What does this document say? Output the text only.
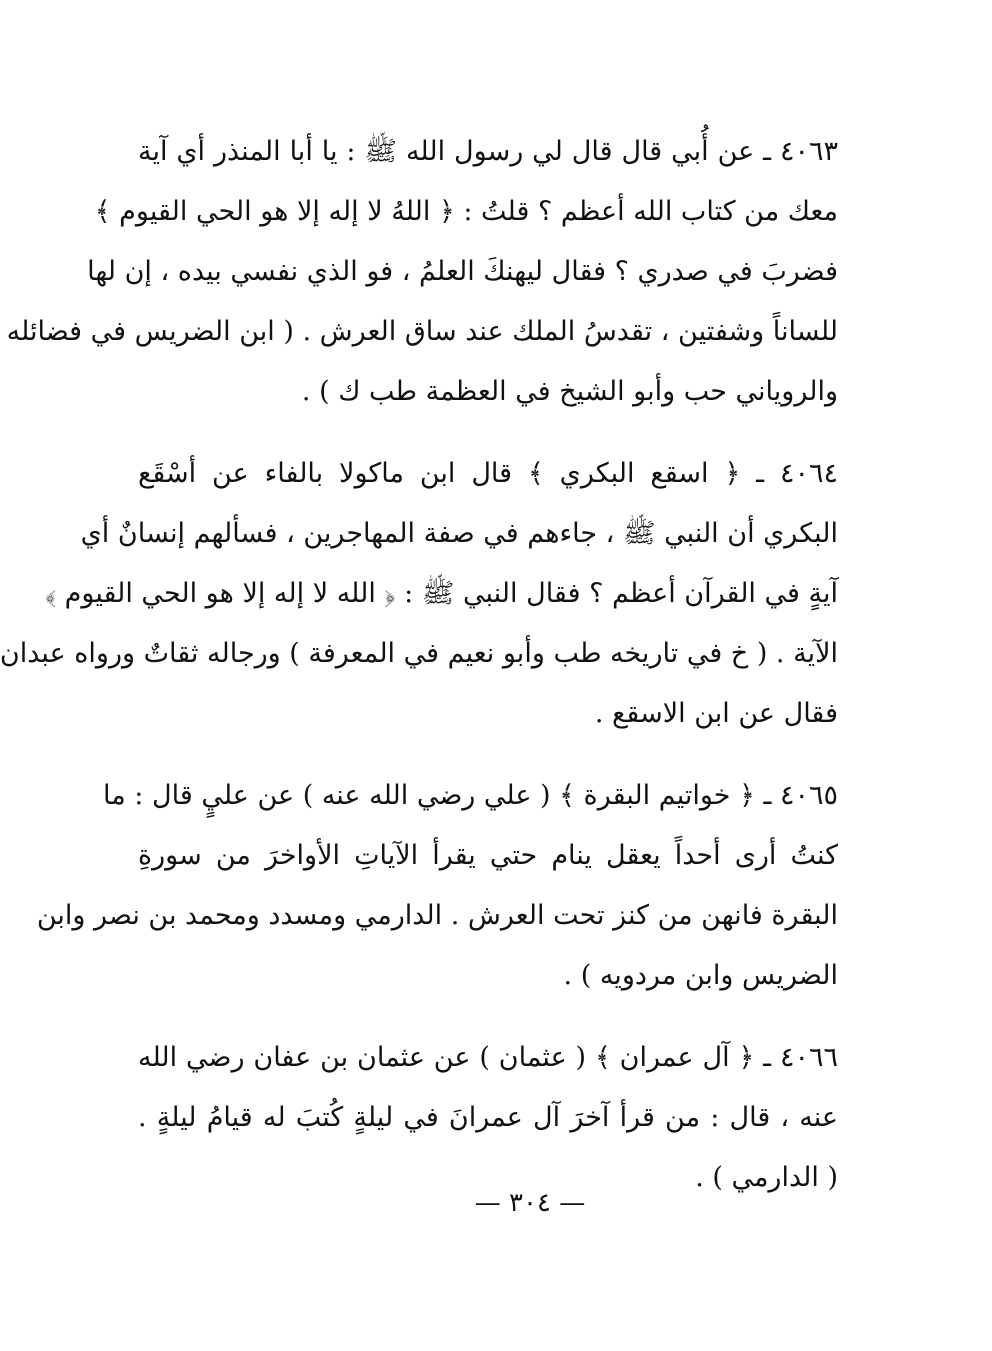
٤٠٦٣ ـ عن أُبي قال قال لي رسول الله ﷺ : يا أبا المنذر أي آية
معك من كتاب الله أعظم ؟ قلتُ : ﴿ اللهُ لا إله إلا هو الحي القيوم ﴾
فضربَ في صدري ؟ فقال ليهنكَ العلمُ ، فو الذي نفسي بيده ، إن لها
للساناً وشفتين ، تقدسُ الملك عند ساق العرش . ( ابن الضريس في فضائله
والروياني حب وأبو الشيخ في العظمة طب ك ) .
٤٠٦٤ ـ ﴿ اسقع البكري ﴾ قال ابن ماكولا بالفاء عن أسْقَع
البكري أن النبي ﷺ ، جاءهم في صفة المهاجرين ، فسألهم إنسانٌ أي
آيةٍ في القرآن أعظم ؟ فقال النبي ﷺ : ﴿ الله لا إله إلا هو الحي القيوم ﴾
الآية . ( خ في تاريخه طب وأبو نعيم في المعرفة ) ورجاله ثقاتٌ ورواه عبدان
فقال عن ابن الاسقع .
٤٠٦٥ ـ ﴿ خواتيم البقرة ﴾ ( علي رضي الله عنه ) عن عليٍ قال : ما
كنتُ أرى أحداً يعقل ينام حتي يقرأ الآياتِ الأواخرَ من سورةِ
البقرة فانهن من كنز تحت العرش . الدارمي ومسدد ومحمد بن نصر وابن
الضريس وابن مردويه ) .
٤٠٦٦ ـ ﴿ آل عمران ﴾ ( عثمان ) عن عثمان بن عفان رضي الله
عنه ، قال : من قرأ آخرَ آل عمرانَ في ليلةٍ كُتبَ له قيامُ ليلةٍ .
( الدارمي ) .
— ٣٠٤ —
